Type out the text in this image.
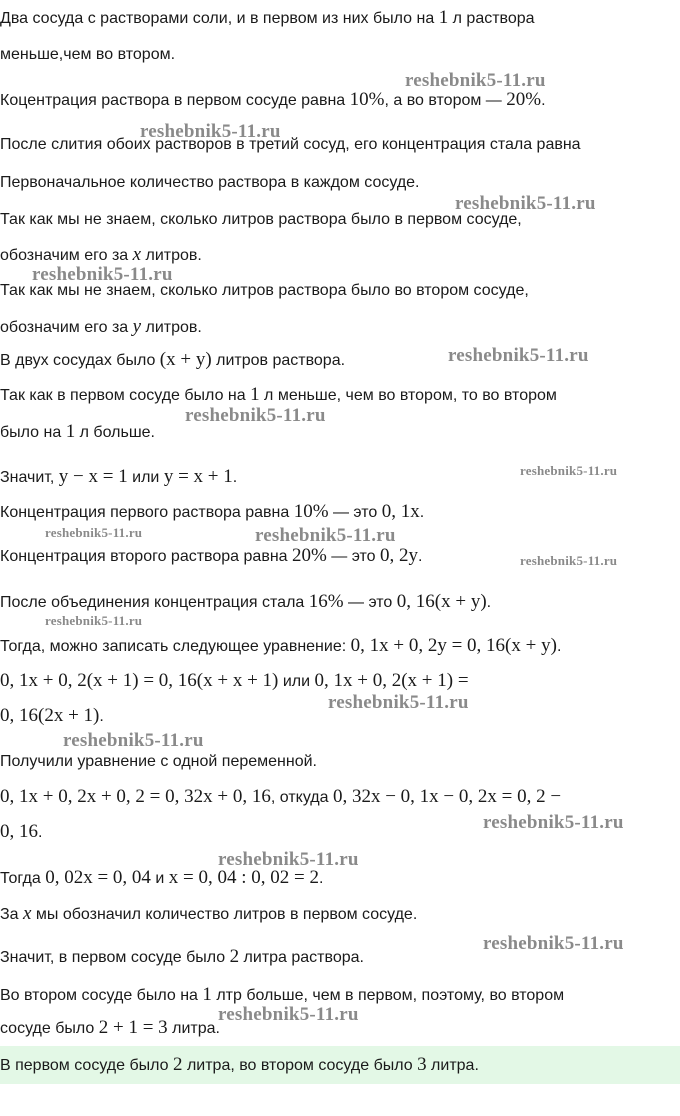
Два сосуда с растворами соли, и в первом из них было на 1 л раствора
меньше,чем во втором.
Коцентрация раствора в первом сосуде равна 10%, а во втором — 20%.
После слития обоих растворов в третий сосуд, его концентрация стала равна
Первоначальное количество раствора в каждом сосуде.
Так как мы не знаем, сколько литров раствора было в первом сосуде,
обозначим его за x литров.
Так как мы не знаем, сколько литров раствора было во втором сосуде,
обозначим его за y литров.
В двух сосудах было (x + y) литров раствора.
Так как в первом сосуде было на 1 л меньше, чем во втором, то во втором
было на 1 л больше.
Значит, y − x = 1 или y = x + 1.
Концентрация первого раствора равна 10% — это 0, 1x.
Концентрация второго раствора равна 20% — это 0, 2y.
После объединения концентрация стала 16% — это 0, 16(x + y).
Тогда, можно записать следующее уравнение: 0, 1x + 0, 2y = 0, 16(x + y).
0, 1x + 0, 2(x + 1) = 0, 16(x + x + 1) или 0, 1x + 0, 2(x + 1) =
0, 16(2x + 1).
Получили уравнение с одной переменной.
0, 1x + 0, 2x + 0, 2 = 0, 32x + 0, 16, откуда 0, 32x − 0, 1x − 0, 2x = 0, 2 −
0, 16.
Тогда 0, 02x = 0, 04 и x = 0, 04 : 0, 02 = 2.
За x мы обозначил количество литров в первом сосуде.
Значит, в первом сосуде было 2 литра раствора.
Во втором сосуде было на 1 лтр больше, чем в первом, поэтому, во втором
сосуде было 2 + 1 = 3 литра.
В первом сосуде было 2 литра, во втором сосуде было 3 литра.
reshebnik5-11.ru
reshebnik5-11.ru
reshebnik5-11.ru
reshebnik5-11.ru
reshebnik5-11.ru
reshebnik5-11.ru
reshebnik5-11.ru
reshebnik5-11.ru
reshebnik5-11.ru
reshebnik5-11.ru
reshebnik5-11.ru
reshebnik5-11.ru
reshebnik5-11.ru
reshebnik5-11.ru
reshebnik5-11.ru
reshebnik5-11.ru
reshebnik5-11.ru
